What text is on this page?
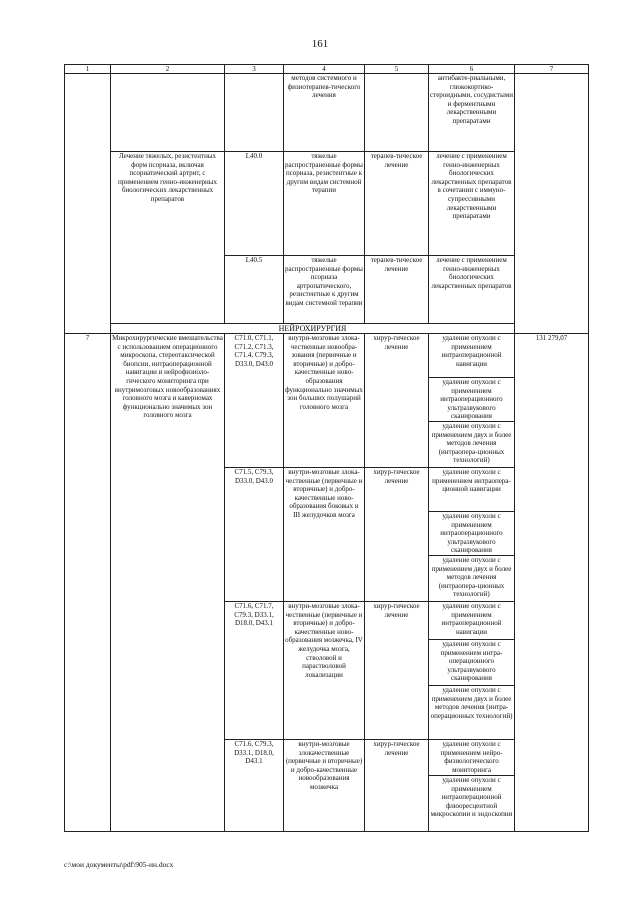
161
1	2	3	4	5	6	7
			методов системного и физиотерапев-тического лечения		антибакте-риальными, глюкокортико-стероидными, сосудистыми и ферментными лекарственными препаратами	
	Лечение тяжелых, резистентных форм псориаза, включая псориатический артрит, с применением генно-инженерных биологических лекарственных препаратов	L40.0	тяжелые распространенные формы псориаза, резистентные к другим видам системной терапии	терапев-тическое лечение	лечение с применением генно-инженерных биологических лекарственных препаратов в сочетании с иммуно-супрессивными лекарственными препаратами	
		L40.5	тяжелые распространенные формы псориаза артропатического, резистентные к другим видам системной терапии	терапев-тическое лечение	лечение с применением генно-инженерных биологических лекарственных препаратов	
	НЕЙРОХИРУРГИЯ					
7	Микрохирургические вмешательства с использованием операционного микроскопа, стереотаксической биопсии, интраоперационной навигации и нейрофизиоло-гического мониторинга при внутримозговых новообразованиях головного мозга и каверномах функционально значимых зон головного мозга	C71.0, C71.1, C71.2, C71.3, C71.4, C79.3, D33.0, D43.0	внутри-мозговые злока-чественные новообра-зования (первичные и вторичные) и добро-качественные ново-образования функционально значимых зон больших полушарий головного мозга	хирур-гическое лечение	удаление опухоли с применением интраоперационной навигации	131 279,07
					удаление опухоли с применением интраоперационного ультразвукового сканирования	
					удаление опухоли с применением двух и более методов лечения (интраопера-ционных технологий)	
		C71.5, C79.3, D33.0, D43.0	внутри-мозговые злока-чественные (первичные и вторичные) и добро-качественные ново-образования боковых и III желудочков мозга	хирур-гическое лечение	удаление опухоли с применением интраопера-ционной навигации	
					удаление опухоли с применением интраоперационного ультразвукового сканирования	
					удаление опухоли с применением двух и более методов лечения (интраопера-ционных технологий)	
		C71.6, C71.7, C79.3, D33.1, D18.0, D43.1	внутри-мозговые злока-чественные (первичные и вторичные) и добро-качественные ново-образования мозжечка, IV желудочка мозга, стволовой и парастволовой локализации	хирур-гическое лечение	удаление опухоли с применением интраоперационной навигации	
					удаление опухоли с применением интра-операционного ультразвукового сканирования	
					удаление опухоли с применением двух и более методов лечения (интра-операционных технологий)	
		C71.6, C79.3, D33.1, D18.0, D43.1	внутри-мозговые злокачественные (первичные и вторичные) и добро-качественные новообразования мозжечка	хирур-гическое лечение	удаление опухоли с применением нейро-физиологического мониторинга	
					удаление опухоли с применением интраоперационной флюоресцентной микроскопии и эндоскопии	
c:\мои документы\pdf\905-ин.docx
